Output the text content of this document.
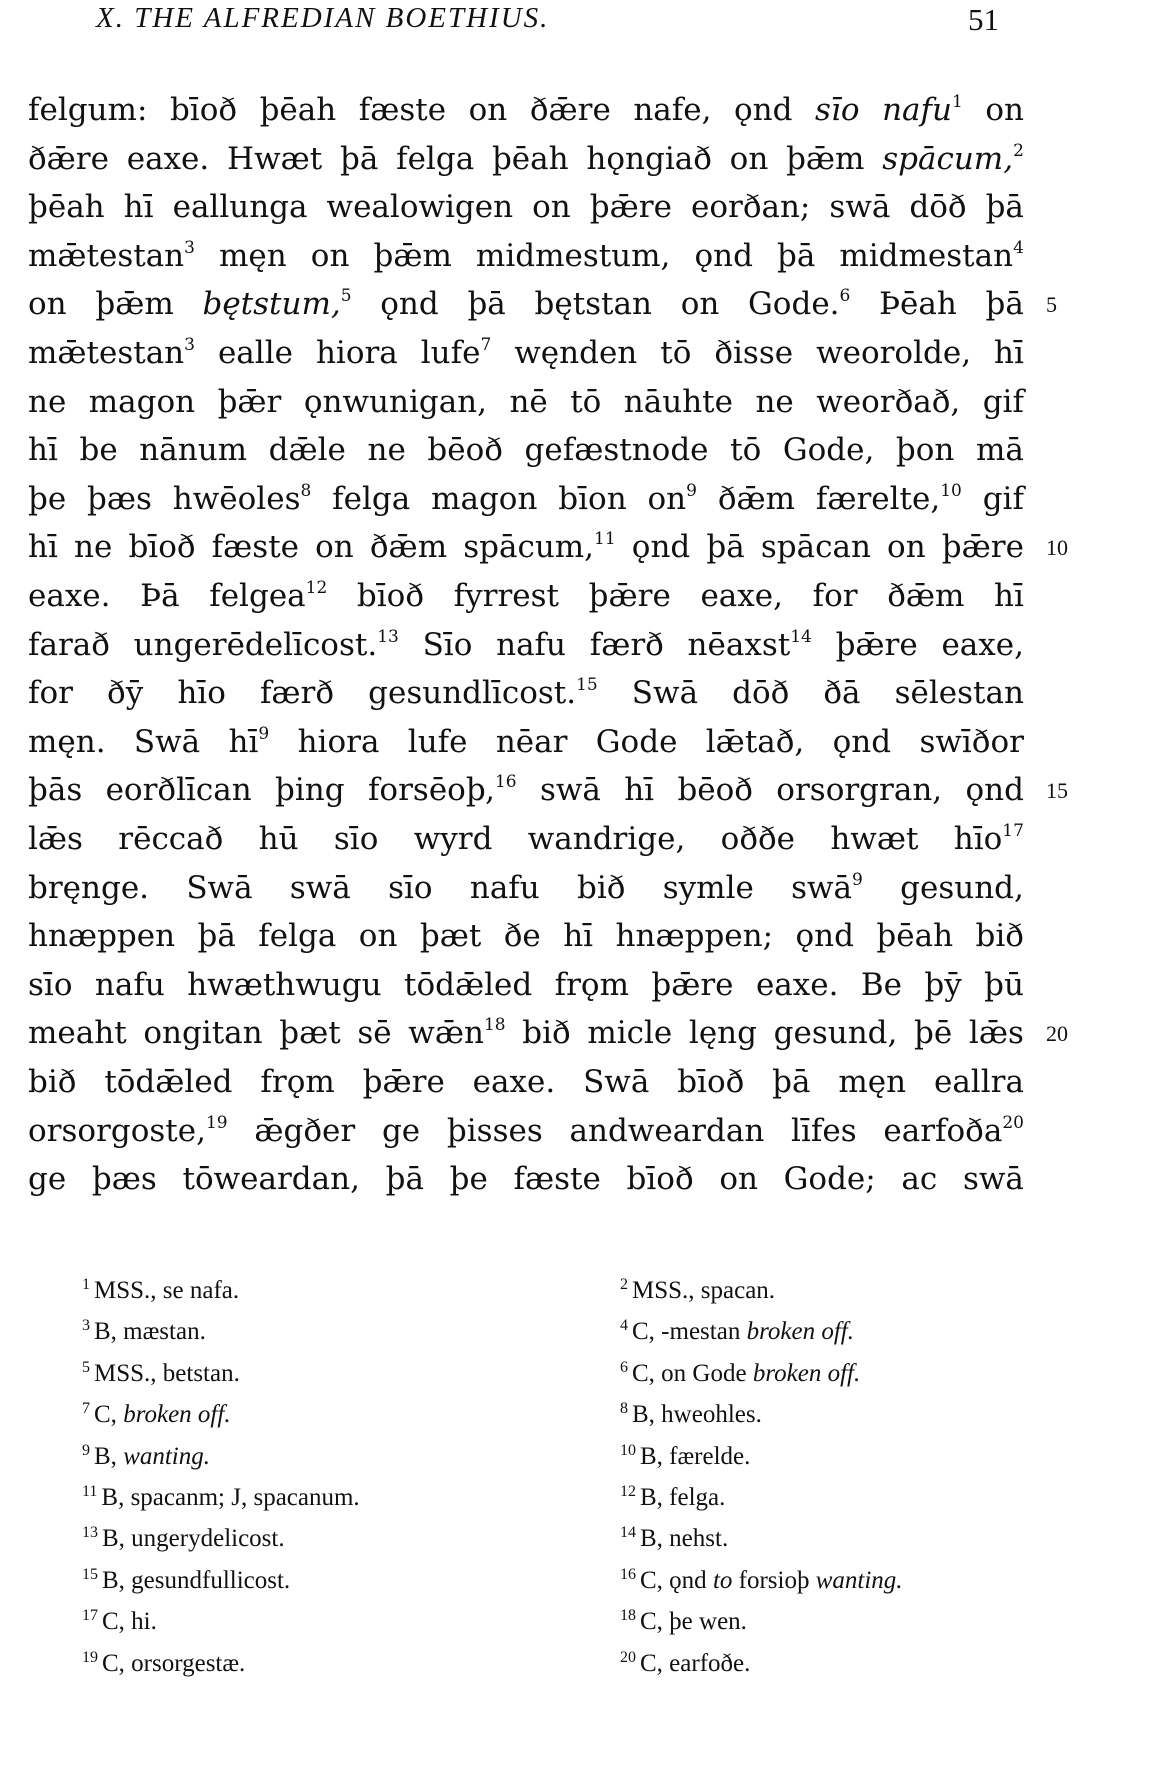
X. THE ALFREDIAN BOETHIUS.	51
felgum: bīoð þēah fæste on ðǣre nafe, ǫnd sīo nafu$^1$ on
ðǣre eaxe. Hwæt þā felga þēah hǫngiað on þǣm spācum,$^2$
þēah hī eallunga wealowigen on þǣre eorðan; swā dōð þā
mǣtestan$^3$ męn on þǣm midmestum, ǫnd þā midmestan$^4$
on þǣm bętstum,$^5$ ǫnd þā bętstan on Gode.$^6$ Þēah þā 5
mǣtestan$^3$ ealle hiora lufe$^7$ węnden tō ðisse weorolde, hī
ne magon þǣr ǫnwunigan, nē tō nāuhte ne weorðað, gif
hī be nānum dǣle ne bēoð gefæstnode tō Gode, þon mā
þe þæs hwēoles$^8$ felga magon bīon $on^9$ ðǣm færelte,$^{10}$ gif
hī ne bīoð fæste on ðǣm spācum,$^{11}$ ǫnd þā spācan on þǣre 10
eaxe. Þā felgea$^{12}$ bīoð fyrrest þǣre eaxe, for ðǣm hī
farað ungerēdelīcost.$^{13}$ Sīo nafu færð nēaxst$^{14}$ þǣre eaxe,
for ðȳ hīo færð gesundlīcost.$^{15}$ Swā dōð ðā sēlestan
męn. Swā $hī^9$ hiora lufe nēar Gode lǣtað, ǫnd swīðor
þās eorðlīcan þing forsēoþ,$^{16}$ swā hī bēoð orsorgran, ǫnd 15
lǣs rēccað hū sīo wyrd wandrige, oððe hwæt hīo$^{17}$
bręnge. Swā swā sīo nafu bið symle swā$^9$ gesund,
hnæppen þā felga on þæt ðe hī hnæppen; ǫnd þēah bið
sīo nafu hwæthwugu tōdǣled frǫm þǣre eaxe. Be þȳ þū
meaht ongitan þæt sē wǣn$^{18}$ bið micle lęng gesund, þē lǣs 20
bið tōdǣled frǫm þǣre eaxe. Swā bīoð þā męn eallra
orsorgoste,$^{19}$ ǣgðer ge þisses andweardan līfes earfoða$^{20}$
ge þæs tōweardan, þā þe fæste bīoð on Gode; ac swā
$^1$ MSS., se nafa.
$^3$ B, mæstan.
$^5$ MSS., betstan.
$^7$ C, broken off.
$^9$ B, wanting.
$^{11}$ B, spacanm; J, spacanum.
$^{13}$ B, ungerydelicost.
$^{15}$ B, gesundfullicost.
$^{17}$ C, hi.
$^{19}$ C, orsorgestæ.
$^2$ MSS., spacan.
$^4$ C, -mestan broken off.
$^6$ C, on Gode broken off.
$^8$ B, hweohles.
$^{10}$ B, færelde.
$^{12}$ B, felga.
$^{14}$ B, nehst.
$^{16}$ C, ǫnd to forsioþ wanting.
$^{18}$ C, þe wen.
$^{20}$ C, earfoðe.
